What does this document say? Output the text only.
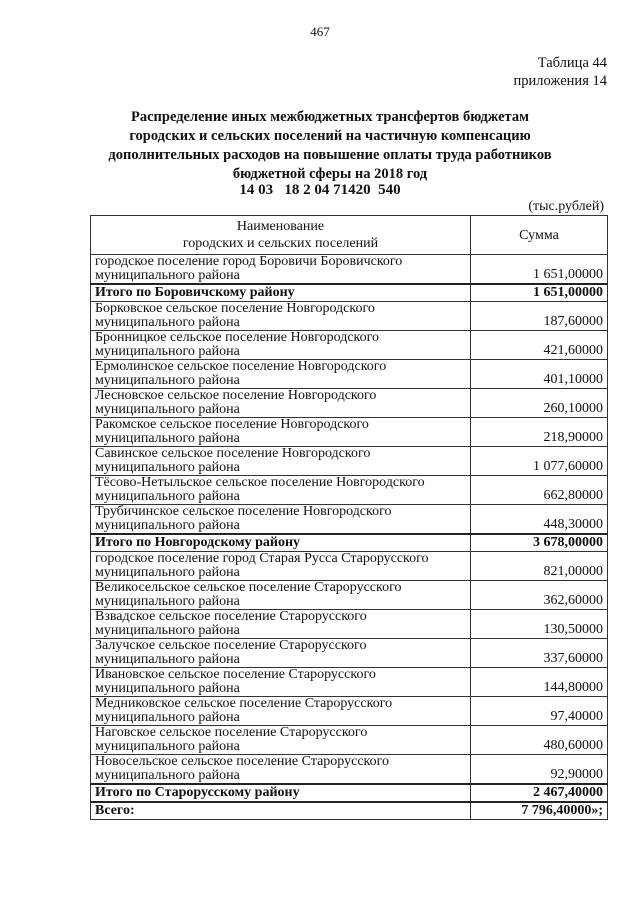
467
Таблица 44
приложения 14
Распределение иных межбюджетных трансфертов бюджетам
городских и сельских поселений на частичную компенсацию
дополнительных расходов на повышение оплаты труда работников
бюджетной сферы на 2018 год
14 03   18 2 04 71420  540
(тыс.рублей)
Наименование
городских и сельских поселений	Сумма
городское поселение город Боровичи Боровичского
муниципального района	1 651,00000
Итого по Боровичскому району	1 651,00000
Борковское сельское поселение Новгородского
муниципального района	187,60000
Бронницкое сельское поселение Новгородского
муниципального района	421,60000
Ермолинское сельское поселение Новгородского
муниципального района	401,10000
Лесновское сельское поселение Новгородского
муниципального района	260,10000
Ракомское сельское поселение Новгородского
муниципального района	218,90000
Савинское сельское поселение Новгородского
муниципального района	1 077,60000
Тёсово-Нетыльское сельское поселение Новгородского
муниципального района	662,80000
Трубичинское сельское поселение Новгородского
муниципального района	448,30000
Итого по Новгородскому району	3 678,00000
городское поселение город Старая Русса Старорусского
муниципального района	821,00000
Великосельское сельское поселение Старорусского
муниципального района	362,60000
Взвадское сельское поселение Старорусского
муниципального района	130,50000
Залучское сельское поселение Старорусского
муниципального района	337,60000
Ивановское сельское поселение Старорусского
муниципального района	144,80000
Медниковское сельское поселение Старорусского
муниципального района	97,40000
Наговское сельское поселение Старорусского
муниципального района	480,60000
Новосельское сельское поселение Старорусского
муниципального района	92,90000
Итого по Старорусскому району	2 467,40000
Всего:	7 796,40000»;
